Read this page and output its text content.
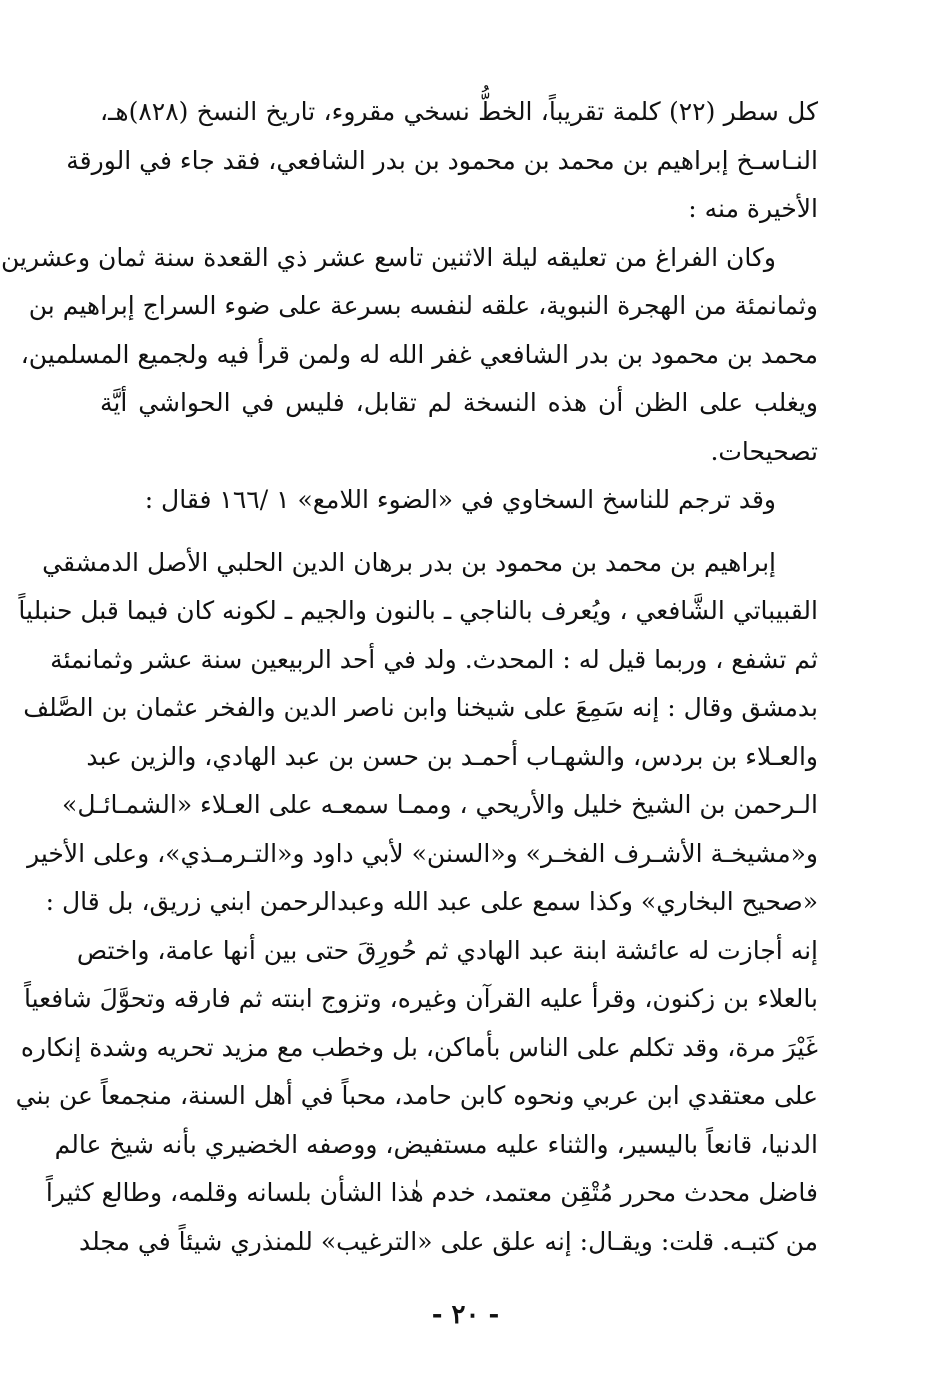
كل سطر (٢٢) كلمة تقريباً، الخطُّ نسخي مقروء، تاريخ النسخ (٨٢٨)هـ،
النـاسـخ إبراهيم بن محمد بن محمود بن بدر الشافعي، فقد جاء في الورقة
الأخيرة منه :

وكان الفراغ من تعليقه ليلة الاثنين تاسع عشر ذي القعدة سنة ثمان وعشرين
وثمانمئة من الهجرة النبوية، علقه لنفسه بسرعة على ضوء السراج إبراهيم بن
محمد بن محمود بن بدر الشافعي غفر الله له ولمن قرأ فيه ولجميع المسلمين،
ويغلب على الظن أن هذه النسخة لم تقابل، فليس في الحواشي أيَّة
تصحيحات.

وقد ترجم للناسخ السخاوي في «الضوء اللامع» ١ /١٦٦ فقال :

إبراهيم بن محمد بن محمود بن بدر برهان الدين الحلبي الأصل الدمشقي
القبيباتي الشَّافعي ، ويُعرف بالناجي ـ بالنون والجيم ـ لكونه كان فيما قبل حنبلياً
ثم تشفع ، وربما قيل له : المحدث. ولد في أحد الربيعين سنة عشر وثمانمئة
بدمشق وقال : إنه سَمِعَ على شيخنا وابن ناصر الدين والفخر عثمان بن الصَّلف
والعـلاء بن بردس، والشهـاب أحمـد بن حسن بن عبد الهادي، والزين عبد
الـرحمن بن الشيخ خليل والأريحي ، وممـا سمعـه على العـلاء «الشمـائـل»
و«مشيخـة الأشـرف الفخـر» و«السنن» لأبي داود و«التـرمـذي»، وعلى الأخير
«صحيح البخاري» وكذا سمع على عبد الله وعبدالرحمن ابني زريق، بل قال :
إنه أجازت له عائشة ابنة عبد الهادي ثم حُورِقَ حتى بين أنها عامة، واختص
بالعلاء بن زكنون، وقرأ عليه القرآن وغيره، وتزوج ابنته ثم فارقه وتحوَّلَ شافعياً
غَيْرَ مرة، وقد تكلم على الناس بأماكن، بل وخطب مع مزيد تحريه وشدة إنكاره
على معتقدي ابن عربي ونحوه كابن حامد، محباً في أهل السنة، منجمعاً عن بني
الدنيا، قانعاً باليسير، والثناء عليه مستفيض، ووصفه الخضيري بأنه شيخ عالم
فاضل محدث محرر مُتْقِن معتمد، خدم هٰذا الشأن بلسانه وقلمه، وطالع كثيراً
من كتبـه. قلت: ويقـال: إنه علق على «الترغيب» للمنذري شيئاً في مجلد

- ٢٠ -
